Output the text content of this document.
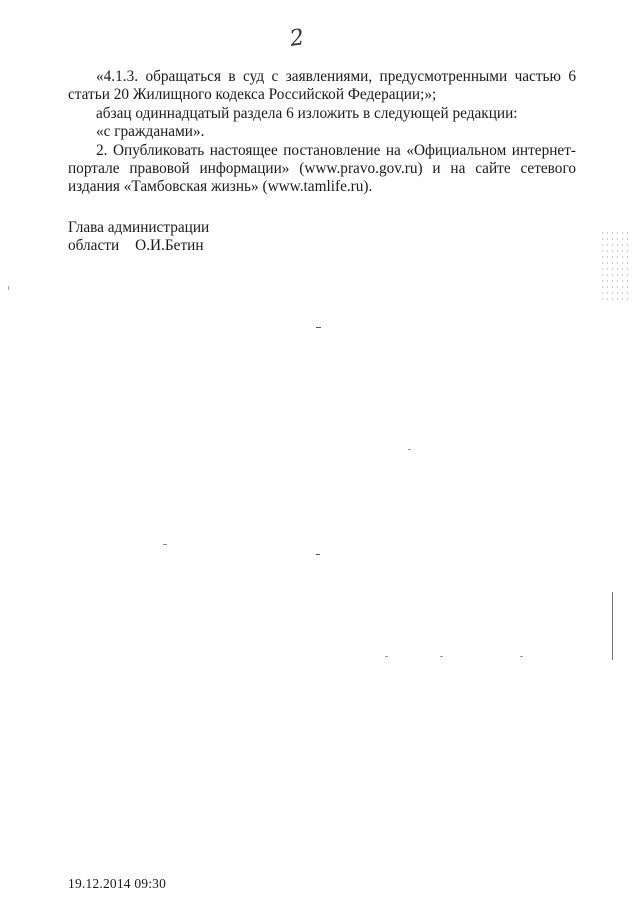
2

«4.1.3. обращаться в суд с заявлениями, предусмотренными частью 6 статьи 20 Жилищного кодекса Российской Федерации;»;

абзац одиннадцатый раздела 6 изложить в следующей редакции:

«с гражданами».

2. Опубликовать настоящее постановление на «Официальном интернет-портале правовой информации» (www.pravo.gov.ru) и на сайте сетевого издания «Тамбовская жизнь» (www.tamlife.ru).

Глава администрации
области О.И.Бетин
19.12.2014 09:30
